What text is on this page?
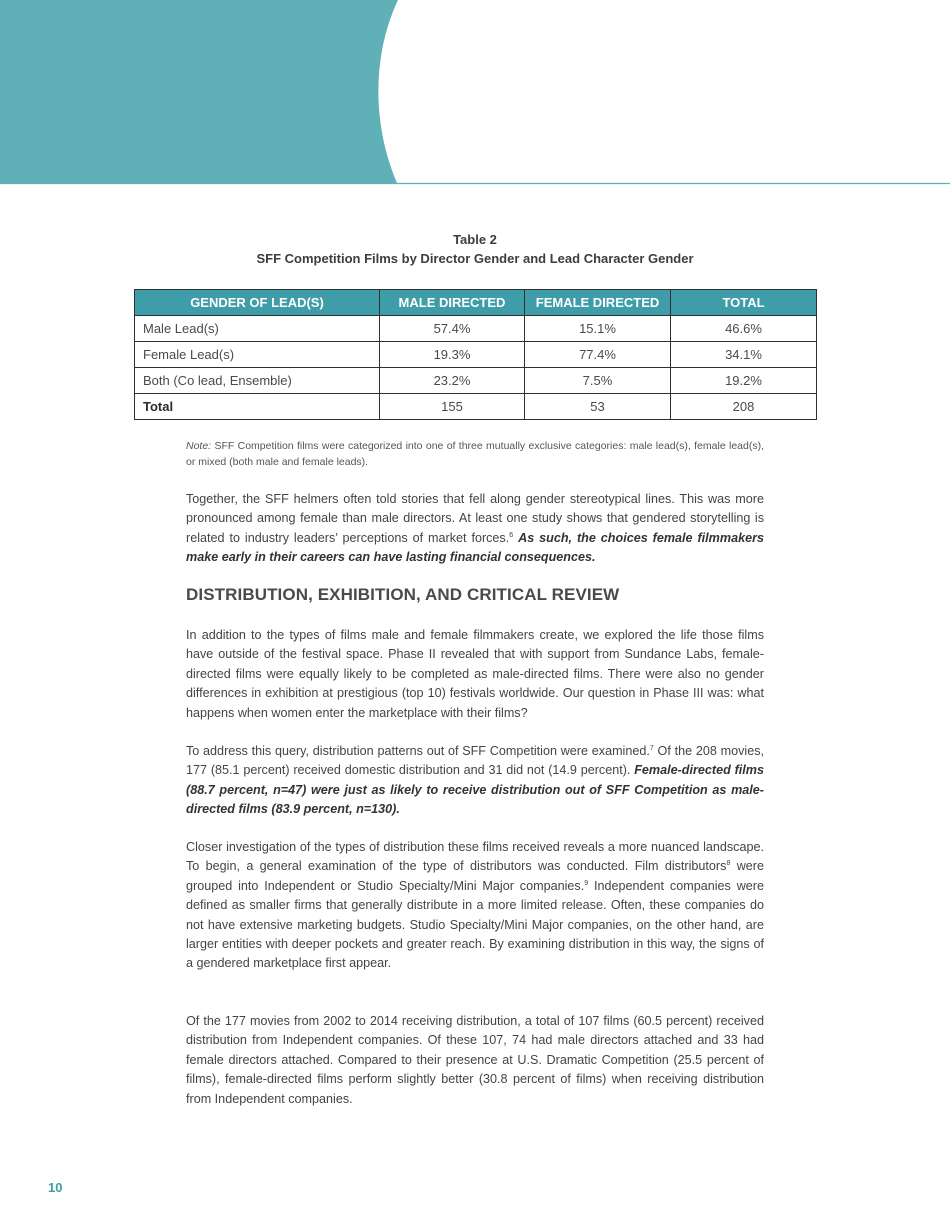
Table 2
SFF Competition Films by Director Gender and Lead Character Gender
GENDER OF LEAD(S)	MALE DIRECTED	FEMALE DIRECTED	TOTAL
Male Lead(s)	57.4%	15.1%	46.6%
Female Lead(s)	19.3%	77.4%	34.1%
Both (Co lead, Ensemble)	23.2%	7.5%	19.2%
Total	155	53	208
Note: SFF Competition films were categorized into one of three mutually exclusive categories: male lead(s), female lead(s), or mixed (both male and female leads).

Together, the SFF helmers often told stories that fell along gender stereotypical lines. This was more pronounced among female than male directors. At least one study shows that gendered storytelling is related to industry leaders’ perceptions of market forces.$^6$ As such, the choices female filmmakers make early in their careers can have lasting financial consequences.

DISTRIBUTION, EXHIBITION, AND CRITICAL REVIEW

In addition to the types of films male and female filmmakers create, we explored the life those films have outside of the festival space. Phase II revealed that with support from Sundance Labs, female-directed films were equally likely to be completed as male-directed films. There were also no gender differences in exhibition at prestigious (top 10) festivals worldwide. Our question in Phase III was: what happens when women enter the marketplace with their films?

To address this query, distribution patterns out of SFF Competition were examined.$^7$ Of the 208 movies, 177 (85.1 percent) received domestic distribution and 31 did not (14.9 percent). Female-directed films (88.7 percent, n=47) were just as likely to receive distribution out of SFF Competition as male-directed films (83.9 percent, n=130).

Closer investigation of the types of distribution these films received reveals a more nuanced landscape. To begin, a general examination of the type of distributors was conducted. Film distributors$^8$ were grouped into Independent or Studio Specialty/Mini Major companies.$^9$ Independent companies were defined as smaller firms that generally distribute in a more limited release. Often, these companies do not have extensive marketing budgets. Studio Specialty/Mini Major companies, on the other hand, are larger entities with deeper pockets and greater reach. By examining distribution in this way, the signs of a gendered marketplace first appear.

Of the 177 movies from 2002 to 2014 receiving distribution, a total of 107 films (60.5 percent) received distribution from Independent companies. Of these 107, 74 had male directors attached and 33 had female directors attached. Compared to their presence at U.S. Dramatic Competition (25.5 percent of films), female-directed films perform slightly better (30.8 percent of films) when receiving distribution from Independent companies.

10
